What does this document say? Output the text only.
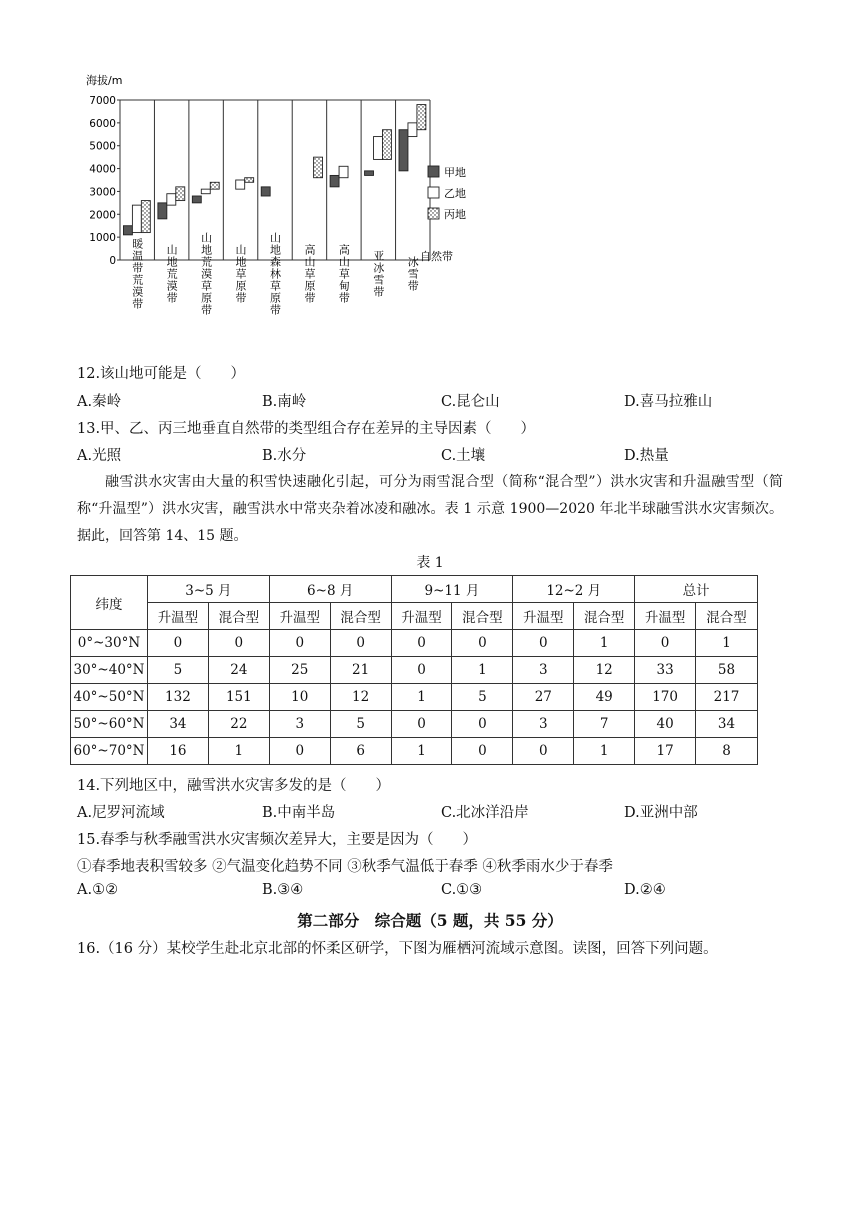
海拔/m
0
1000
2000
3000
4000
5000
6000
7000
暖温带荒漠带 山地荒漠带 山地荒漠草原带 山地草原带 山地森林草原带 高山草原带 高山草甸带 亚冰雪带 冰雪带 自然带
甲地
乙地
丙地
12.该山地可能是（　　）
A.秦岭	B.南岭	C.昆仑山	D.喜马拉雅山
13.甲、乙、丙三地垂直自然带的类型组合存在差异的主导因素（　　）
A.光照	B.水分	C.土壤	D.热量
融雪洪水灾害由大量的积雪快速融化引起，可分为雨雪混合型（简称“混合型”）洪水灾害和升温融雪型（简称“升温型”）洪水灾害，融雪洪水中常夹杂着冰凌和融冰。表 1 示意 1900—2020 年北半球融雪洪水灾害频次。据此，回答第 14、15 题。
表 1
纬度	3~5 月		6~8 月		9~11 月		12~2 月		总计	
	升温型	混合型	升温型	混合型	升温型	混合型	升温型	混合型	升温型	混合型
0°~30°N	0	0	0	0	0	0	0	1	0	1
30°~40°N	5	24	25	21	0	1	3	12	33	58
40°~50°N	132	151	10	12	1	5	27	49	170	217
50°~60°N	34	22	3	5	0	0	3	7	40	34
60°~70°N	16	1	0	6	1	0	0	1	17	8
14.下列地区中，融雪洪水灾害多发的是（　　）
A.尼罗河流域	B.中南半岛	C.北冰洋沿岸	D.亚洲中部
15.春季与秋季融雪洪水灾害频次差异大，主要是因为（　　）
①春季地表积雪较多 ②气温变化趋势不同 ③秋季气温低于春季 ④秋季雨水少于春季
A.①②	B.③④	C.①③	D.②④
第二部分　综合题（5 题，共 55 分）
16.（16 分）某校学生赴北京北部的怀柔区研学，下图为雁栖河流域示意图。读图，回答下列问题。
